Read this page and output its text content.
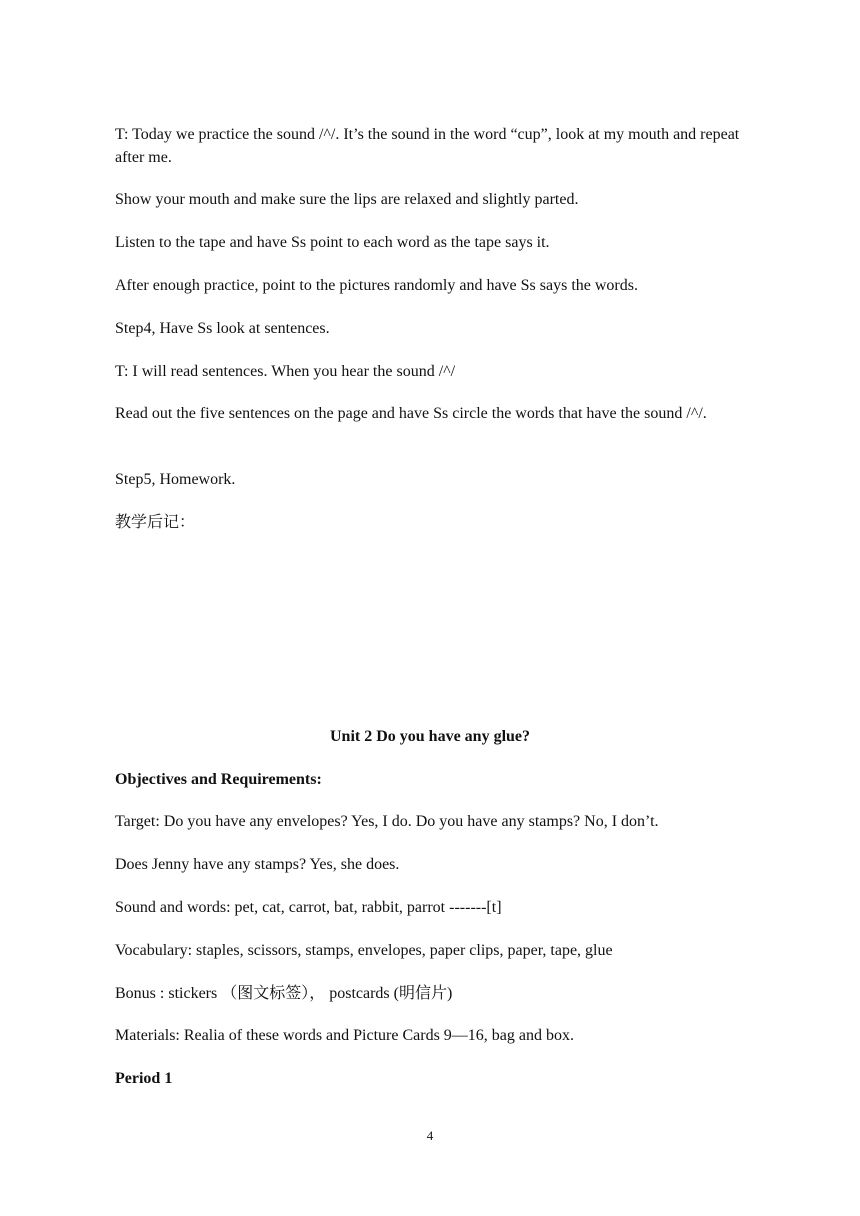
T: Today we practice the sound /^/. It’s the sound in the word “cup”, look at my mouth and repeat after me.

Show your mouth and make sure the lips are relaxed and slightly parted.

Listen to the tape and have Ss point to each word as the tape says it.

After enough practice, point to the pictures randomly and have Ss says the words.

Step4, Have Ss look at sentences.

T: I will read sentences. When you hear the sound /^/

Read out the five sentences on the page and have Ss circle the words that have the sound /^/.

Step5, Homework.

教学后记：

Unit 2 Do you have any glue?

Objectives and Requirements:

Target: Do you have any envelopes? Yes, I do. Do you have any stamps? No, I don’t.

Does Jenny have any stamps? Yes, she does.

Sound and words: pet, cat, carrot, bat, rabbit, parrot -------[t]

Vocabulary: staples, scissors, stamps, envelopes, paper clips, paper, tape, glue

Bonus : stickers （图文标签）， postcards (明信片)

Materials: Realia of these words and Picture Cards 9—16, bag and box.

Period 1

4
